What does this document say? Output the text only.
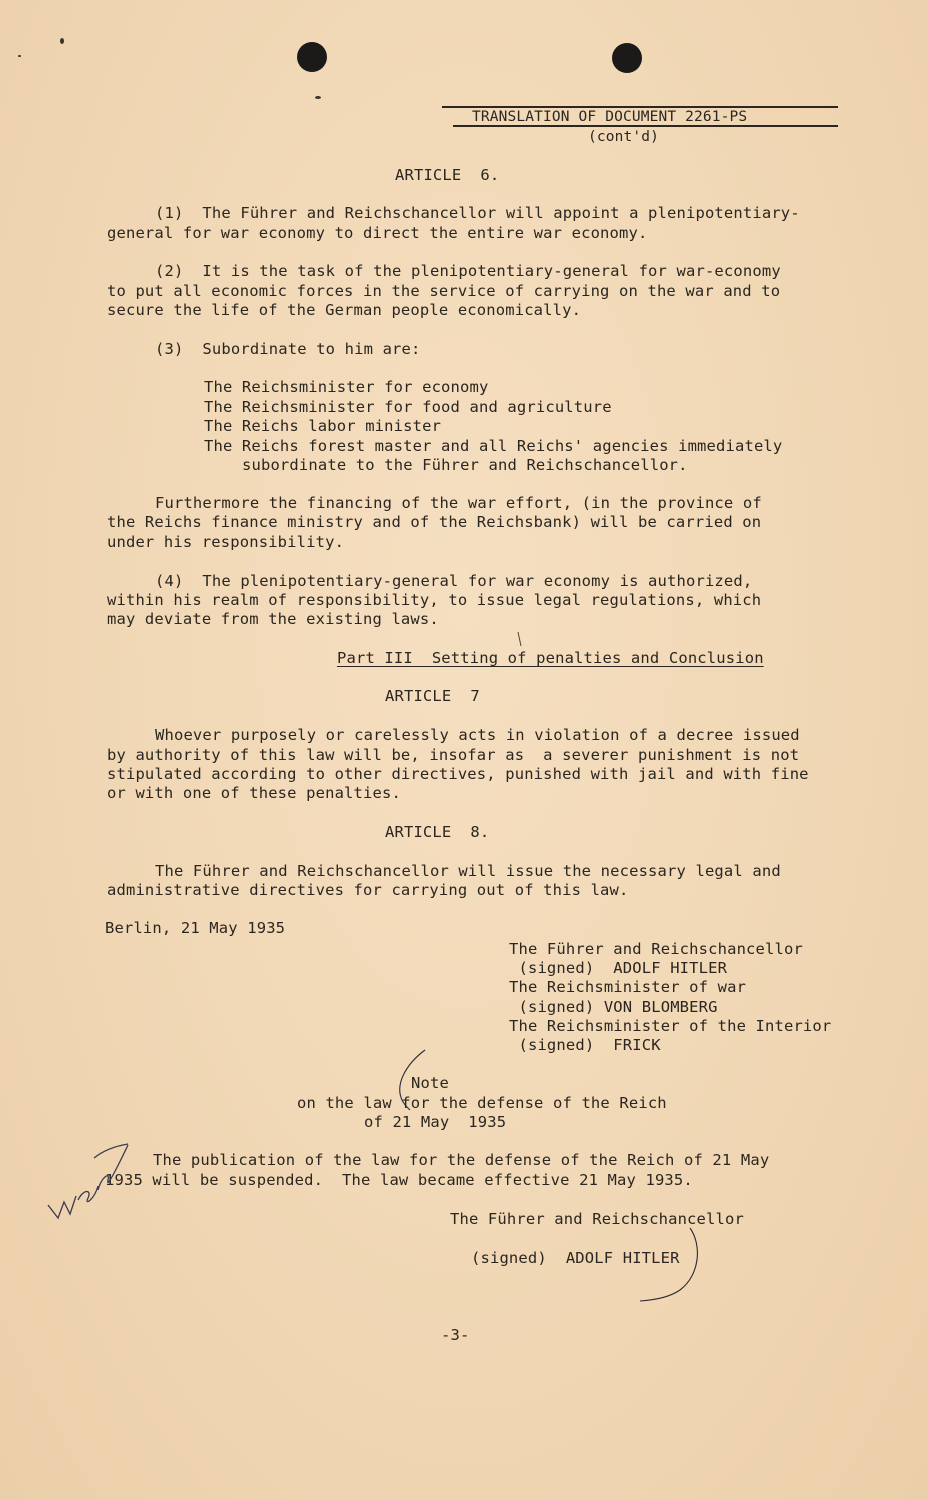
TRANSLATION OF DOCUMENT 2261-PS
(cont'd)
ARTICLE  6.
(1)  The Führer and Reichschancellor will appoint a plenipotentiary-
general for war economy to direct the entire war economy.
(2)  It is the task of the plenipotentiary-general for war-economy
to put all economic forces in the service of carrying on the war and to
secure the life of the German people economically.
(3)  Subordinate to him are:
The Reichsminister for economy
The Reichsminister for food and agriculture
The Reichs labor minister
The Reichs forest master and all Reichs' agencies immediately
subordinate to the Führer and Reichschancellor.
Furthermore the financing of the war effort, (in the province of
the Reichs finance ministry and of the Reichsbank) will be carried on
under his responsibility.
(4)  The plenipotentiary-general for war economy is authorized,
within his realm of responsibility, to issue legal regulations, which
may deviate from the existing laws.
Part III  Setting of penalties and Conclusion
ARTICLE  7
Whoever purposely or carelessly acts in violation of a decree issued
by authority of this law will be, insofar as  a severer punishment is not
stipulated according to other directives, punished with jail and with fine
or with one of these penalties.
ARTICLE  8.
The Führer and Reichschancellor will issue the necessary legal and
administrative directives for carrying out of this law.
Berlin, 21 May 1935
The Führer and Reichschancellor
(signed)  ADOLF HITLER
The Reichsminister of war
(signed) VON BLOMBERG
The Reichsminister of the Interior
(signed)  FRICK
Note
on the law for the defense of the Reich
of 21 May  1935
The publication of the law for the defense of the Reich of 21 May
1935 will be suspended.  The law became effective 21 May 1935.
The Führer and Reichschancellor
(signed)  ADOLF HITLER
-3-
